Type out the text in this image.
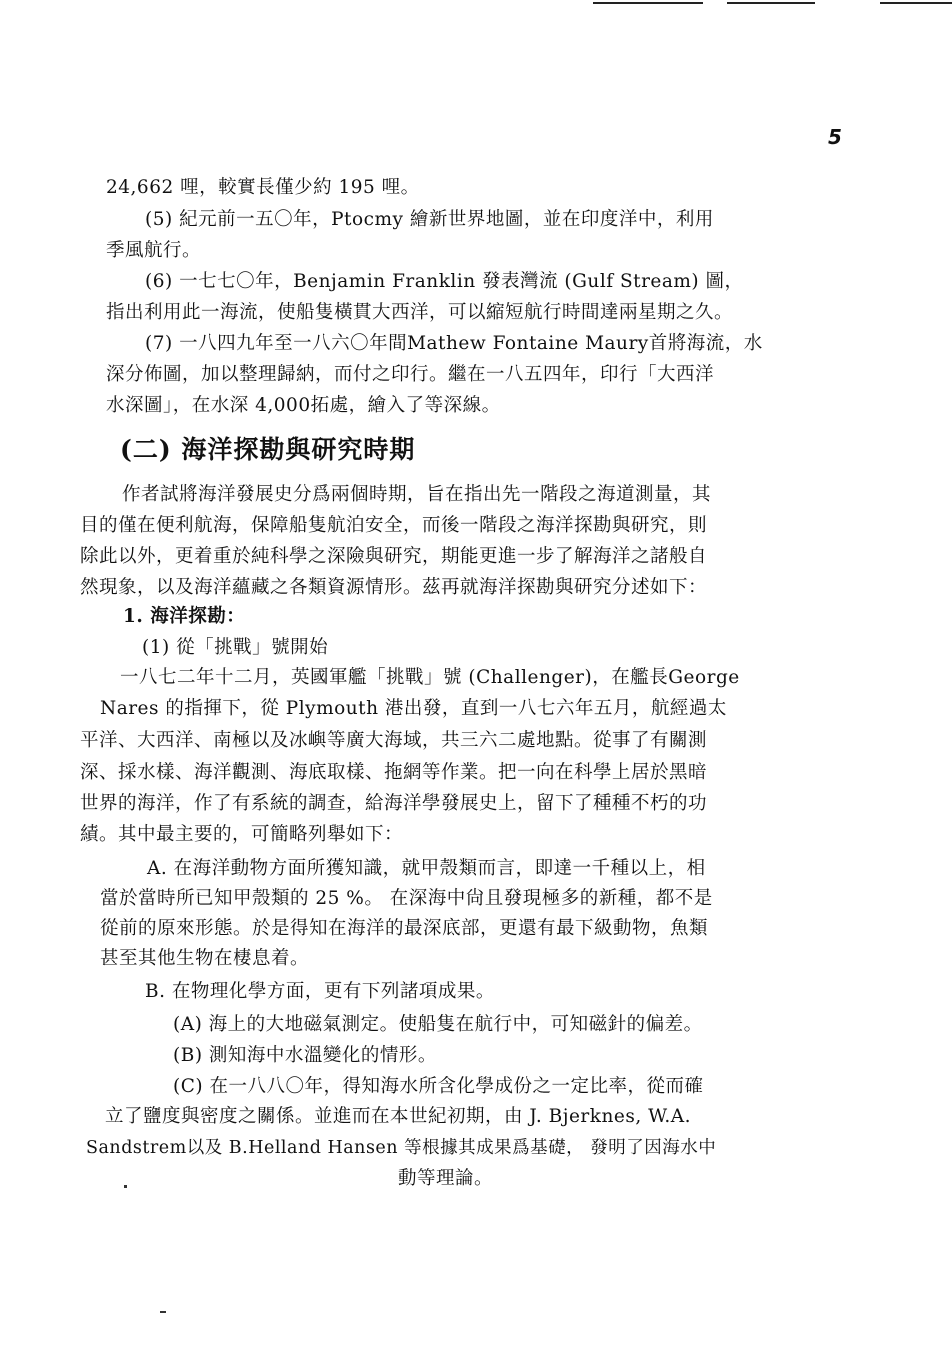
5
24,662 哩，較實長僅少約 195 哩。
(5) 紀元前一五〇年，Ptocmy 繪新世界地圖，並在印度洋中，利用
季風航行。
(6) 一七七〇年，Benjamin Franklin 發表灣流 (Gulf Stream) 圖，
指出利用此一海流，使船隻橫貫大西洋，可以縮短航行時間達兩星期之久。
(7) 一八四九年至一八六〇年間Mathew Fontaine Maury首將海流，水
深分佈圖，加以整理歸納，而付之印行。繼在一八五四年，印行「大西洋
水深圖」，在水深 4,000拓處，繪入了等深線。
(二) 海洋探勘與研究時期
作者試將海洋發展史分爲兩個時期，旨在指出先一階段之海道測量，其
目的僅在便利航海，保障船隻航泊安全，而後一階段之海洋探勘與研究，則
除此以外，更着重於純科學之深險與研究，期能更進一步了解海洋之諸般自
然現象，以及海洋蘊藏之各類資源情形。茲再就海洋探勘與研究分述如下：
1. 海洋探勘：
(1) 從「挑戰」號開始
一八七二年十二月，英國軍艦「挑戰」號 (Challenger)，在艦長George
Nares 的指揮下，從 Plymouth 港出發，直到一八七六年五月，航經過太
平洋、大西洋、南極以及冰嶼等廣大海域，共三六二處地點。從事了有關測
深、採水樣、海洋觀測、海底取樣、拖網等作業。把一向在科學上居於黑暗
世界的海洋，作了有系統的調查，給海洋學發展史上，留下了種種不朽的功
績。其中最主要的，可簡略列舉如下：
A. 在海洋動物方面所獲知識，就甲殼類而言，即達一千種以上，相
當於當時所已知甲殼類的 25 %。 在深海中尙且發現極多的新種，都不是
從前的原來形態。於是得知在海洋的最深底部，更還有最下級動物，魚類
甚至其他生物在棲息着。
B. 在物理化學方面，更有下列諸項成果。
(A) 海上的大地磁氣測定。使船隻在航行中，可知磁針的偏差。
(B) 測知海中水溫變化的情形。
(C) 在一八八〇年，得知海水所含化學成份之一定比率，從而確
立了鹽度與密度之關係。並進而在本世紀初期，由 J. Bjerknes, W.A.
Sandstrem以及 B.Helland Hansen 等根據其成果爲基礎， 發明了因海水中
動等理論。
